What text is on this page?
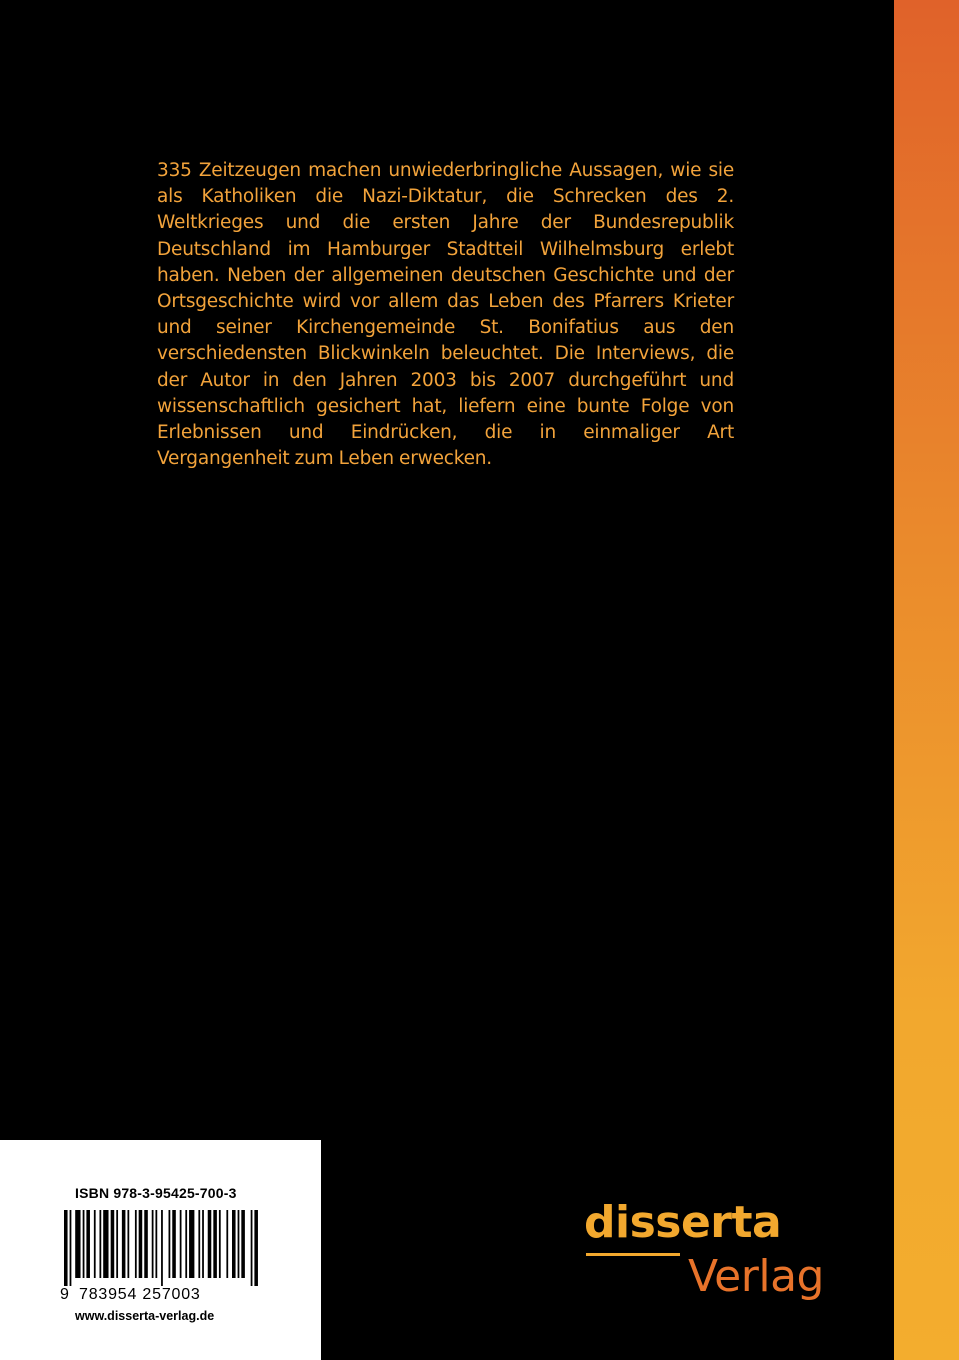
335 Zeitzeugen machen unwiederbringliche Aussagen, wie sie als Katholiken die Nazi-Diktatur, die Schrecken des 2. Weltkrieges und die ersten Jahre der Bundesrepublik Deutschland im Hamburger Stadtteil Wilhelmsburg erlebt haben. Neben der allgemeinen deutschen Geschichte und der Ortsgeschichte wird vor allem das Leben des Pfarrers Krieter und seiner Kirchengemeinde St. Bonifatius aus den verschiedensten Blickwinkeln beleuchtet. Die Interviews, die der Autor in den Jahren 2003 bis 2007 durchgeführt und wissenschaftlich gesichert hat, liefern eine bunte Folge von Erlebnissen und Eindrücken, die in einmaliger Art Vergangenheit zum Leben erwecken.

ISBN 978-3-95425-700-3
9 783954 257003
www.disserta-verlag.de
disserta
Verlag
